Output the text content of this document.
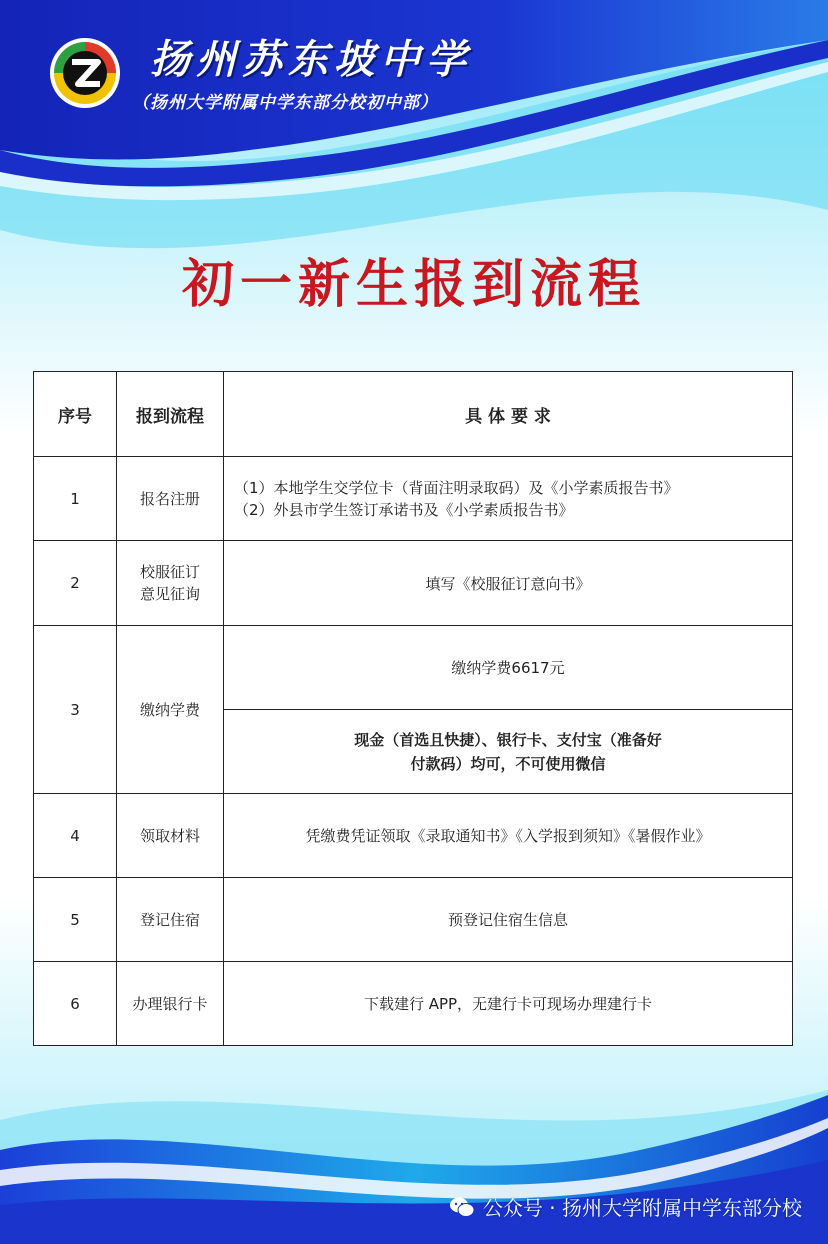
扬州苏东坡中学
（扬州大学附属中学东部分校初中部）
初一新生报到流程
序号	报到流程	具 体 要 求
1	报名注册	（1）本地学生交学位卡（背面注明录取码）及《小学素质报告书》
（2）外县市学生签订承诺书及《小学素质报告书》

2	校服征订
意见征询	填写《校服征订意向书》
3	缴纳学费	缴纳学费6617元

		现金（首选且快捷）、银行卡、支付宝（准备好
付款码）均可，不可使用微信

4	领取材料	凭缴费凭证领取《录取通知书》《入学报到须知》《暑假作业》
5	登记住宿	预登记住宿生信息
6	办理银行卡	下载建行 APP，无建行卡可现场办理建行卡
公众号 · 扬州大学附属中学东部分校
